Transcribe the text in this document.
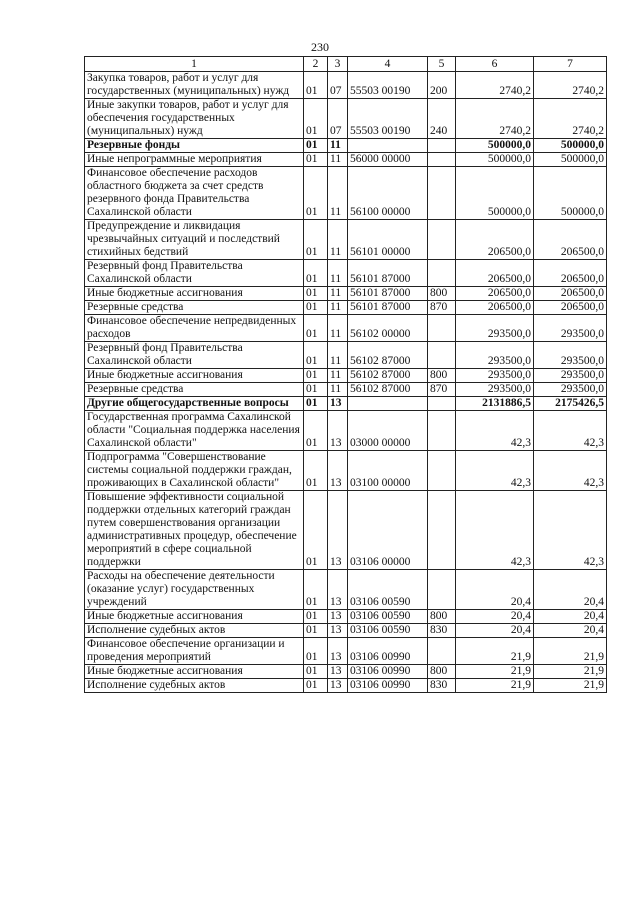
230
1	2	3	4	5	6	7
Закупка товаров, работ и услуг для государственных (муниципальных) нужд	01	07	55503 00190	200	2740,2	2740,2
Иные закупки товаров, работ и услуг для обеспечения государственных (муниципальных) нужд	01	07	55503 00190	240	2740,2	2740,2
Резервные фонды	01	11			500000,0	500000,0
Иные непрограммные мероприятия	01	11	56000 00000		500000,0	500000,0
Финансовое обеспечение расходов областного бюджета за счет средств резервного фонда Правительства Сахалинской области	01	11	56100 00000		500000,0	500000,0
Предупреждение и ликвидация чрезвычайных ситуаций и последствий стихийных бедствий	01	11	56101 00000		206500,0	206500,0
Резервный фонд Правительства Сахалинской области	01	11	56101 87000		206500,0	206500,0
Иные бюджетные ассигнования	01	11	56101 87000	800	206500,0	206500,0
Резервные средства	01	11	56101 87000	870	206500,0	206500,0
Финансовое обеспечение непредвиденных расходов	01	11	56102 00000		293500,0	293500,0
Резервный фонд Правительства Сахалинской области	01	11	56102 87000		293500,0	293500,0
Иные бюджетные ассигнования	01	11	56102 87000	800	293500,0	293500,0
Резервные средства	01	11	56102 87000	870	293500,0	293500,0
Другие общегосударственные вопросы	01	13			2131886,5	2175426,5
Государственная программа Сахалинской области "Социальная поддержка населения Сахалинской области"	01	13	03000 00000		42,3	42,3
Подпрограмма "Совершенствование системы социальной поддержки граждан, проживающих в Сахалинской области"	01	13	03100 00000		42,3	42,3
Повышение эффективности социальной поддержки отдельных категорий граждан путем совершенствования организации административных процедур, обеспечение мероприятий в сфере социальной поддержки	01	13	03106 00000		42,3	42,3
Расходы на обеспечение деятельности (оказание услуг) государственных учреждений	01	13	03106 00590		20,4	20,4
Иные бюджетные ассигнования	01	13	03106 00590	800	20,4	20,4
Исполнение судебных актов	01	13	03106 00590	830	20,4	20,4
Финансовое обеспечение организации и проведения мероприятий	01	13	03106 00990		21,9	21,9
Иные бюджетные ассигнования	01	13	03106 00990	800	21,9	21,9
Исполнение судебных актов	01	13	03106 00990	830	21,9	21,9
